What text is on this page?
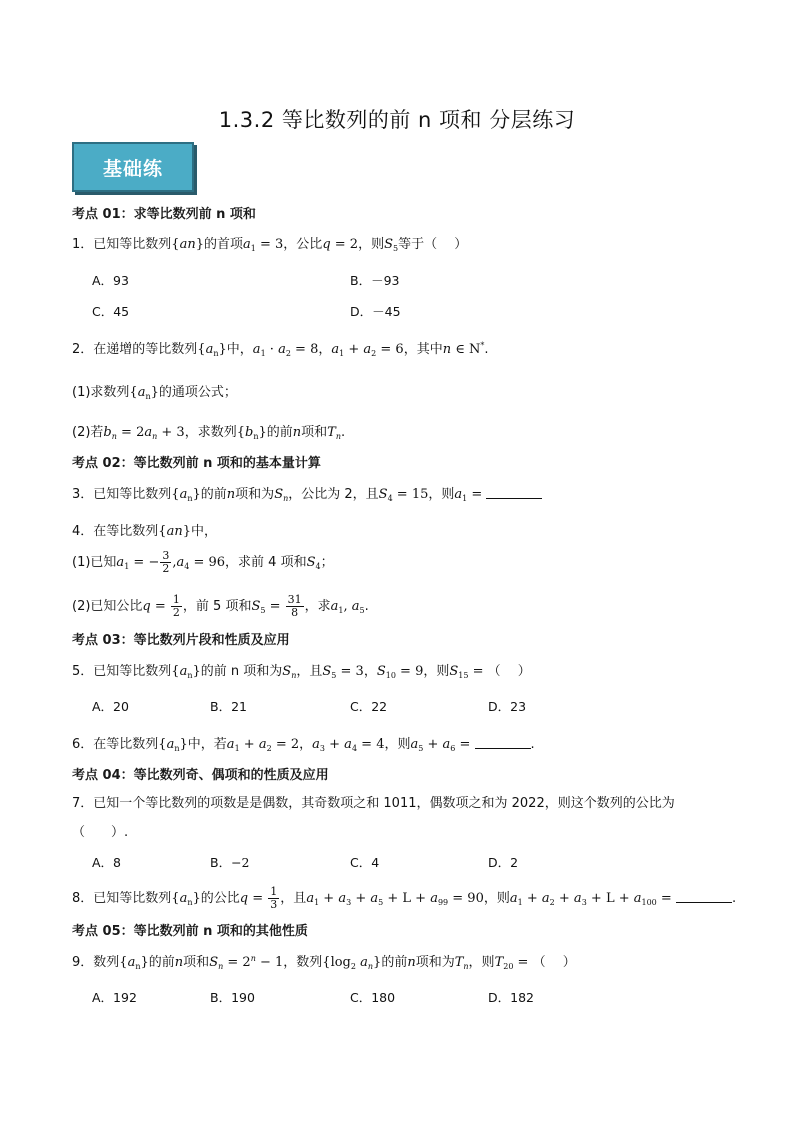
1.3.2 等比数列的前 n 项和 分层练习
基础练
考点 01：求等比数列前 n 项和
1．已知等比数列{an}的首项$a_1 = 3$，公比q = 2，则$S_5$等于（　 ）
A．93	B．－93
C．45	D．－45
2．在递增的等比数列$\{a_n\}$中，$a_1 \cdot a_2 = 8$，$a_1 + a_2 = 6$，其中n ∈ N*.
(1)求数列$\{a_n\}$的通项公式；
(2)若$b_n = 2a_n + 3$，求数列$\{b_n\}$的前n项和$T_n$.
考点 02：等比数列前 n 项和的基本量计算
3．已知等比数列$\{a_n\}$的前n项和为$S_n$，公比为 2，且$S_4 = 15$，则$a_1$ =
4．在等比数列{an}中，
(1)已知$a_1$ = − $\frac{3}{2} ,a_4 = 96$，求前 4 项和$S_4$；
(2)已知公比$q = \frac{1}{2}$ ，前 5 项和$S_5 = \frac{31}{8}$ ，求$a_1$, $a_5$.
考点 03：等比数列片段和性质及应用
5．已知等比数列$\{a_n\}$的前 n 项和为$S_n$，且$S_5 = 3$，$S_{10} = 9$，则$S_{15}$ = （　 ）
A．20	B．21	C．22	D．23
6．在等比数列$\{a_n\}$中，若$a_1 + a_2 = 2$，$a_3 + a_4 = 4$，则$a_5 + a_6$ =	.
考点 04：等比数列奇、偶项和的性质及应用
7．已知一个等比数列的项数是是偶数，其奇数项之和 1011，偶数项之和为 2022，则这个数列的公比为
（　　）.
A．8	B．−2	C．4	D．2
8．已知等比数列$\{a_n\}$的公比$q = \frac{1}{3}$ ，且$a_1 + a_3 + a_5 + L + a_{99} = 90$，则$a_1 + a_2 + a_3 + L + a_{100}$ =	.
考点 05：等比数列前 n 项和的其他性质
9．数列$\{a_n\}$的前n项和$S_n = 2^n - 1$，数列{$\log_2$ $a_n$}的前n项和为$T_n$，则$T_{20}$ = （　 ）
A．192	B．190	C．180	D．182
